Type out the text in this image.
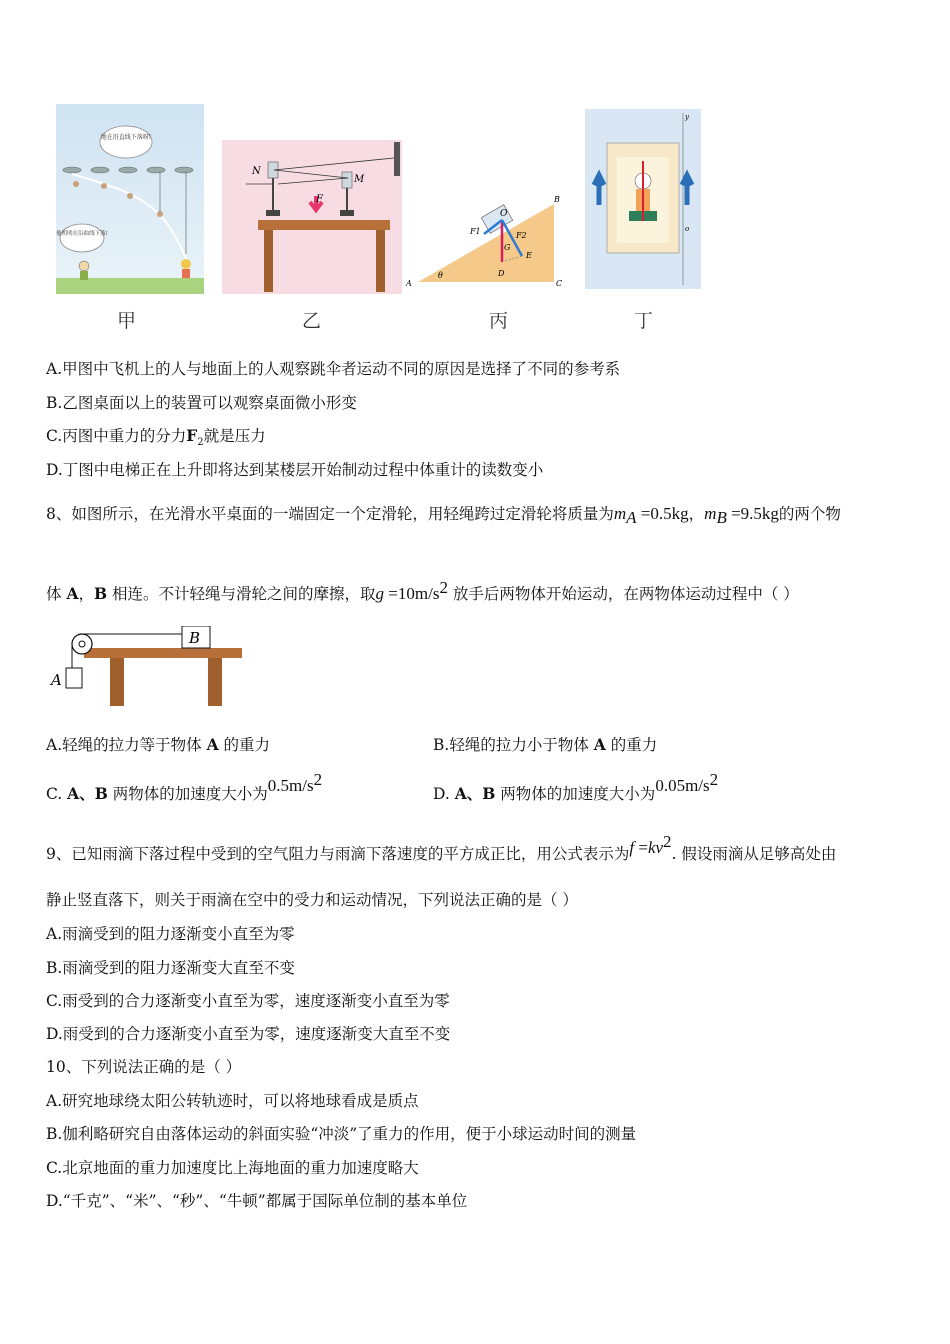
地在沿直线下落呀!
他明明在沿曲线下落!
甲
N
M
F
乙
O
B
A	C
D
E
G
F1	F2
θ
丙
y
o
丁
A.甲图中飞机上的人与地面上的人观察跳伞者运动不同的原因是选择了不同的参考系
B.乙图桌面以上的装置可以观察桌面微小形变
C.丙图中重力的分力$F_2$就是压力
D.丁图中电梯正在上升即将达到某楼层开始制动过程中体重计的读数变小
8、如图所示，在光滑水平桌面的一端固定一个定滑轮，用轻绳跨过定滑轮将质量为$m_A =0.5kg$，$m_B =9.5kg$的两个物
体 A，B 相连。不计轻绳与滑轮之间的摩擦，取$g =10m/s^2$ 放手后两物体开始运动，在两物体运动过程中（ ）
B
A
A.轻绳的拉力等于物体 A 的重力	B.轻绳的拉力小于物体 A 的重力
C. A、B 两物体的加速度大小为$0.5m/s^2$
D. A、B 两物体的加速度大小为$0.05m/s^2$
9、已知雨滴下落过程中受到的空气阻力与雨滴下落速度的平方成正比，用公式表示为$f =kv^2$. 假设雨滴从足够高处由
静止竖直落下，则关于雨滴在空中的受力和运动情况，下列说法正确的是（ ）
A.雨滴受到的阻力逐渐变小直至为零
B.雨滴受到的阻力逐渐变大直至不变
C.雨受到的合力逐渐变小直至为零，速度逐渐变小直至为零
D.雨受到的合力逐渐变小直至为零，速度逐渐变大直至不变
10、下列说法正确的是（ ）
A.研究地球绕太阳公转轨迹时，可以将地球看成是质点
B.伽利略研究自由落体运动的斜面实验“冲淡”了重力的作用，便于小球运动时间的测量
C.北京地面的重力加速度比上海地面的重力加速度略大
D.“千克”、“米”、“秒”、“牛顿”都属于国际单位制的基本单位
